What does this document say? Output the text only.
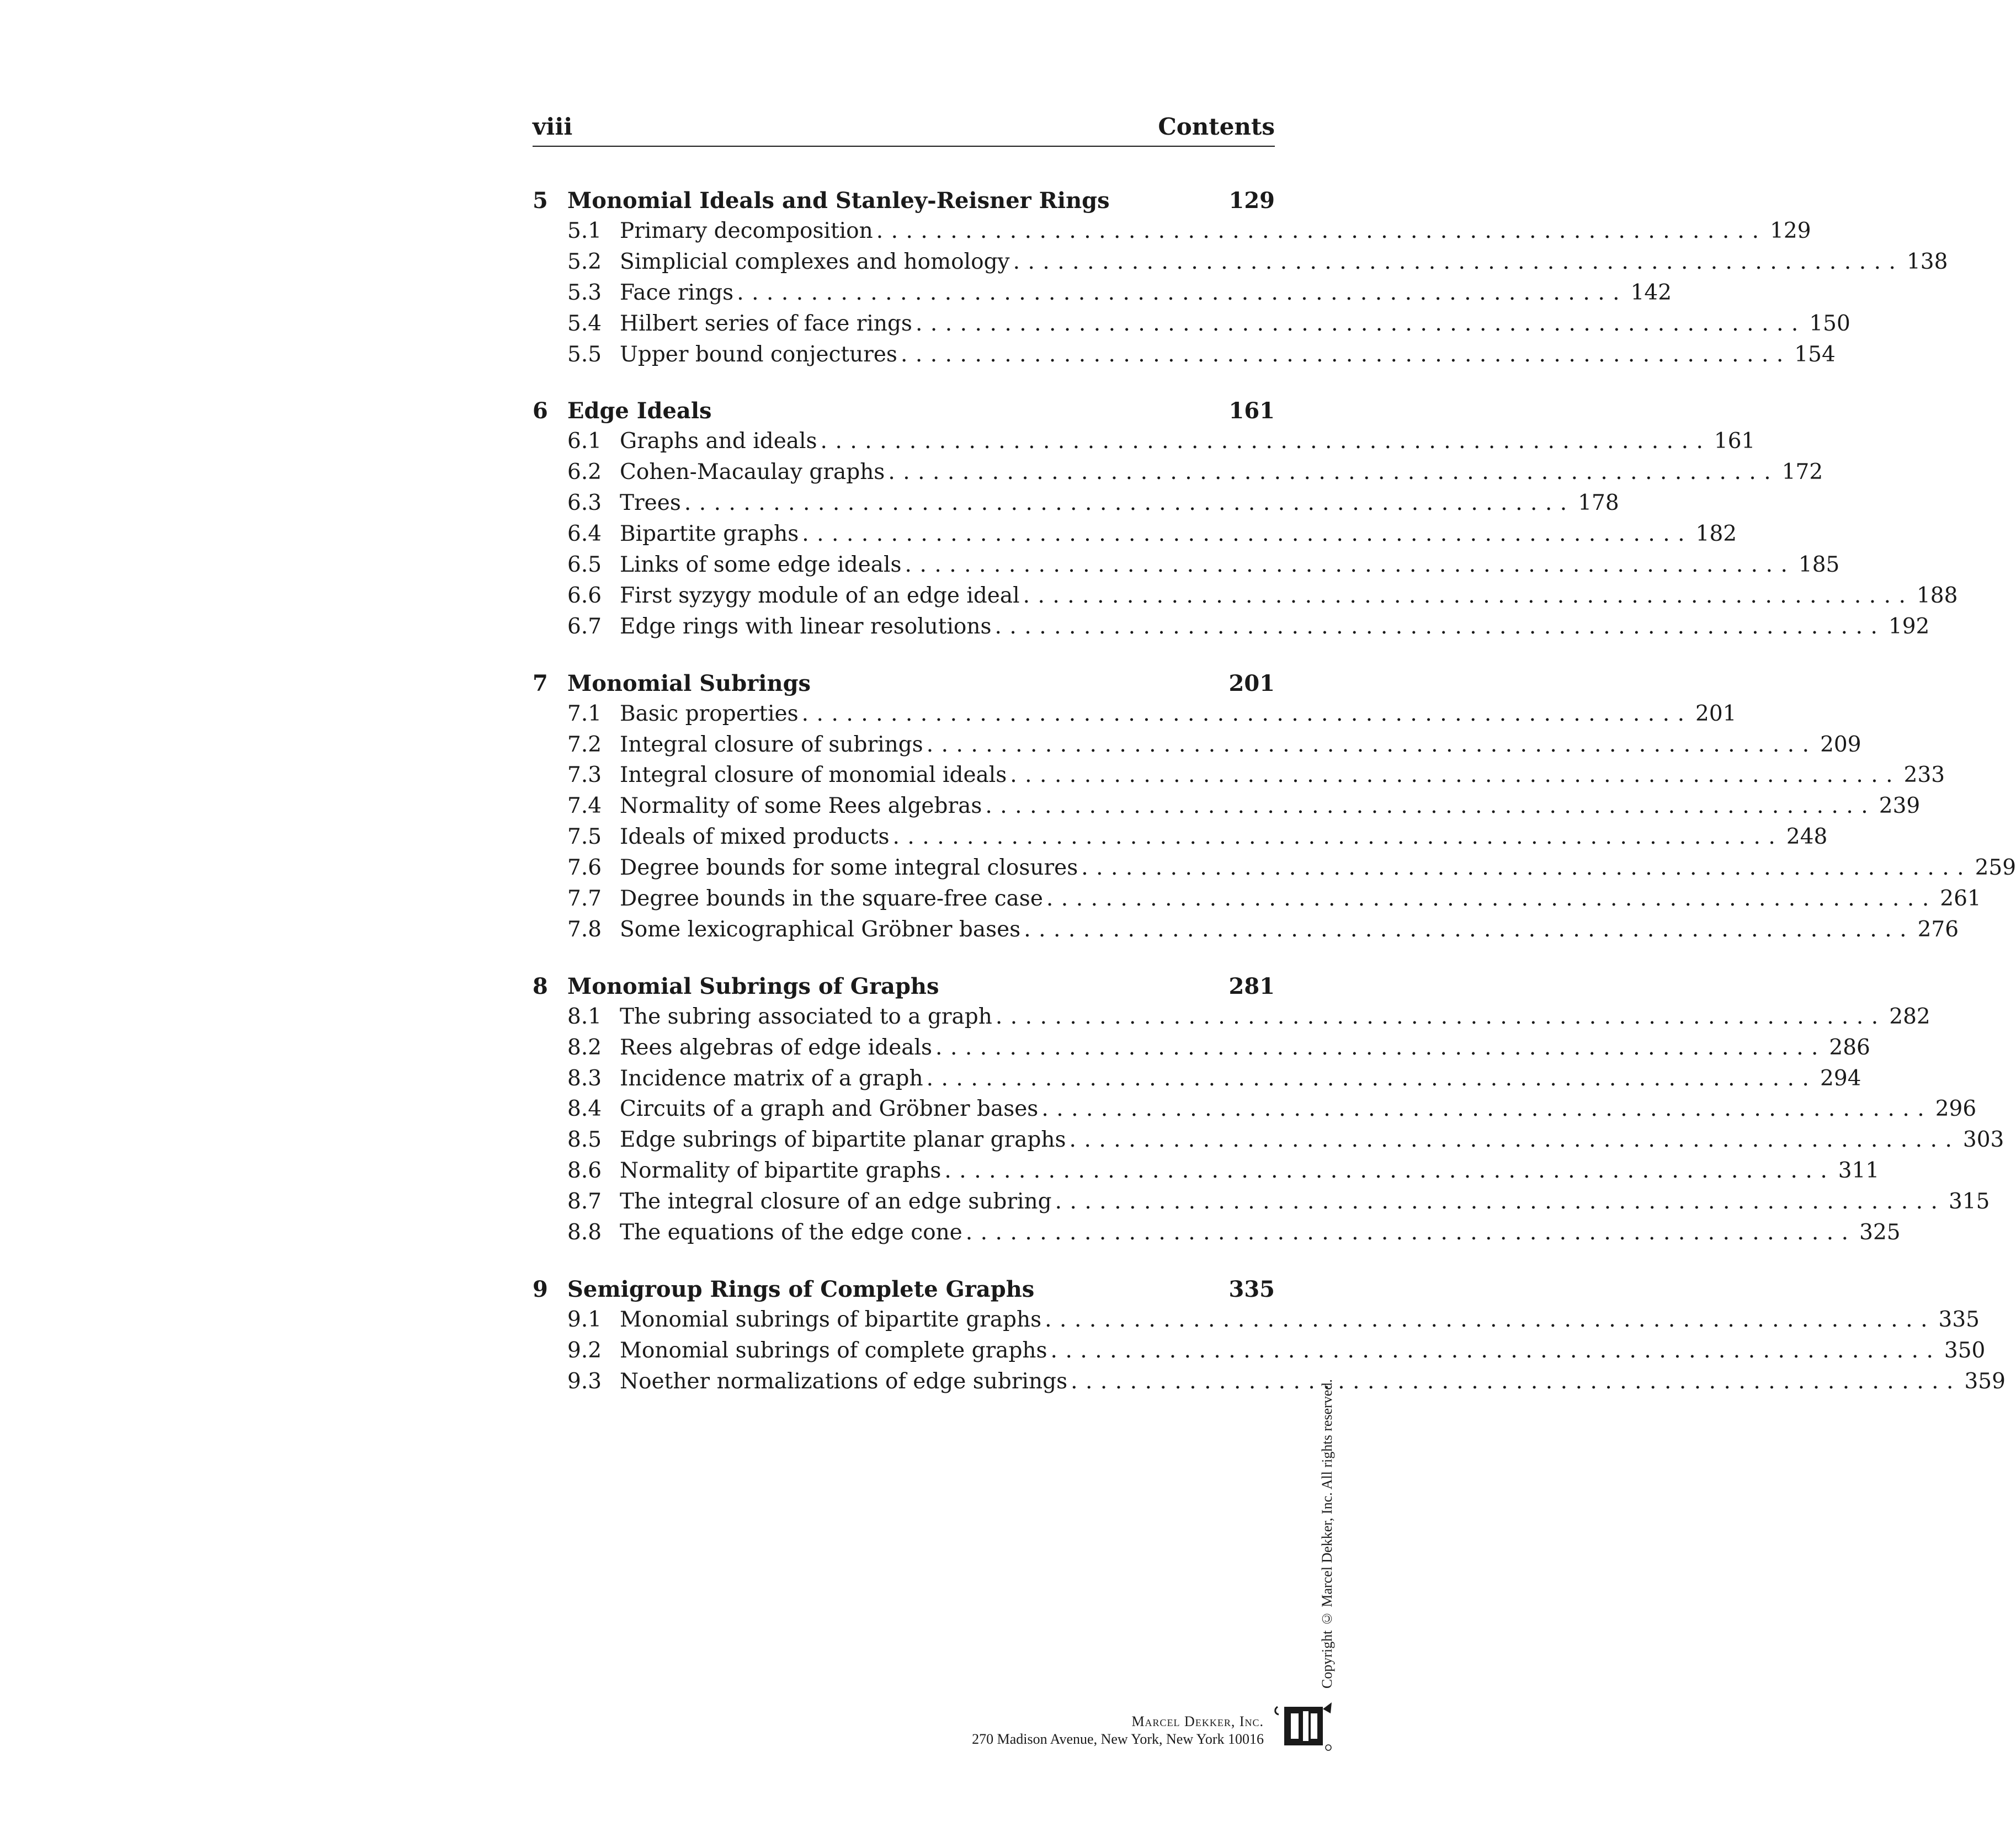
viii	Contents
5 Monomial Ideals and Stanley-Reisner Rings	129
5.1 Primary decomposition ............................................................ 129
5.2 Simplicial complexes and homology ............................................................ 138
5.3 Face rings ............................................................ 142
5.4 Hilbert series of face rings ............................................................ 150
5.5 Upper bound conjectures ............................................................ 154
6 Edge Ideals	161
6.1 Graphs and ideals ............................................................ 161
6.2 Cohen-Macaulay graphs ............................................................ 172
6.3 Trees ............................................................ 178
6.4 Bipartite graphs ............................................................ 182
6.5 Links of some edge ideals ............................................................ 185
6.6 First syzygy module of an edge ideal ............................................................ 188
6.7 Edge rings with linear resolutions ............................................................ 192
7 Monomial Subrings	201
7.1 Basic properties ............................................................ 201
7.2 Integral closure of subrings ............................................................ 209
7.3 Integral closure of monomial ideals ............................................................ 233
7.4 Normality of some Rees algebras ............................................................ 239
7.5 Ideals of mixed products ............................................................ 248
7.6 Degree bounds for some integral closures ............................................................ 259
7.7 Degree bounds in the square-free case ............................................................ 261
7.8 Some lexicographical Gröbner bases ............................................................ 276
8 Monomial Subrings of Graphs	281
8.1 The subring associated to a graph ............................................................ 282
8.2 Rees algebras of edge ideals ............................................................ 286
8.3 Incidence matrix of a graph ............................................................ 294
8.4 Circuits of a graph and Gröbner bases ............................................................ 296
8.5 Edge subrings of bipartite planar graphs ............................................................ 303
8.6 Normality of bipartite graphs ............................................................ 311
8.7 The integral closure of an edge subring ............................................................ 315
8.8 The equations of the edge cone ............................................................ 325
9 Semigroup Rings of Complete Graphs	335
9.1 Monomial subrings of bipartite graphs ............................................................ 335
9.2 Monomial subrings of complete graphs ............................................................ 350
9.3 Noether normalizations of edge subrings ............................................................ 359
Copyright © Marcel Dekker, Inc. All rights reserved.
Marcel Dekker, Inc.
270 Madison Avenue, New York, New York 10016
